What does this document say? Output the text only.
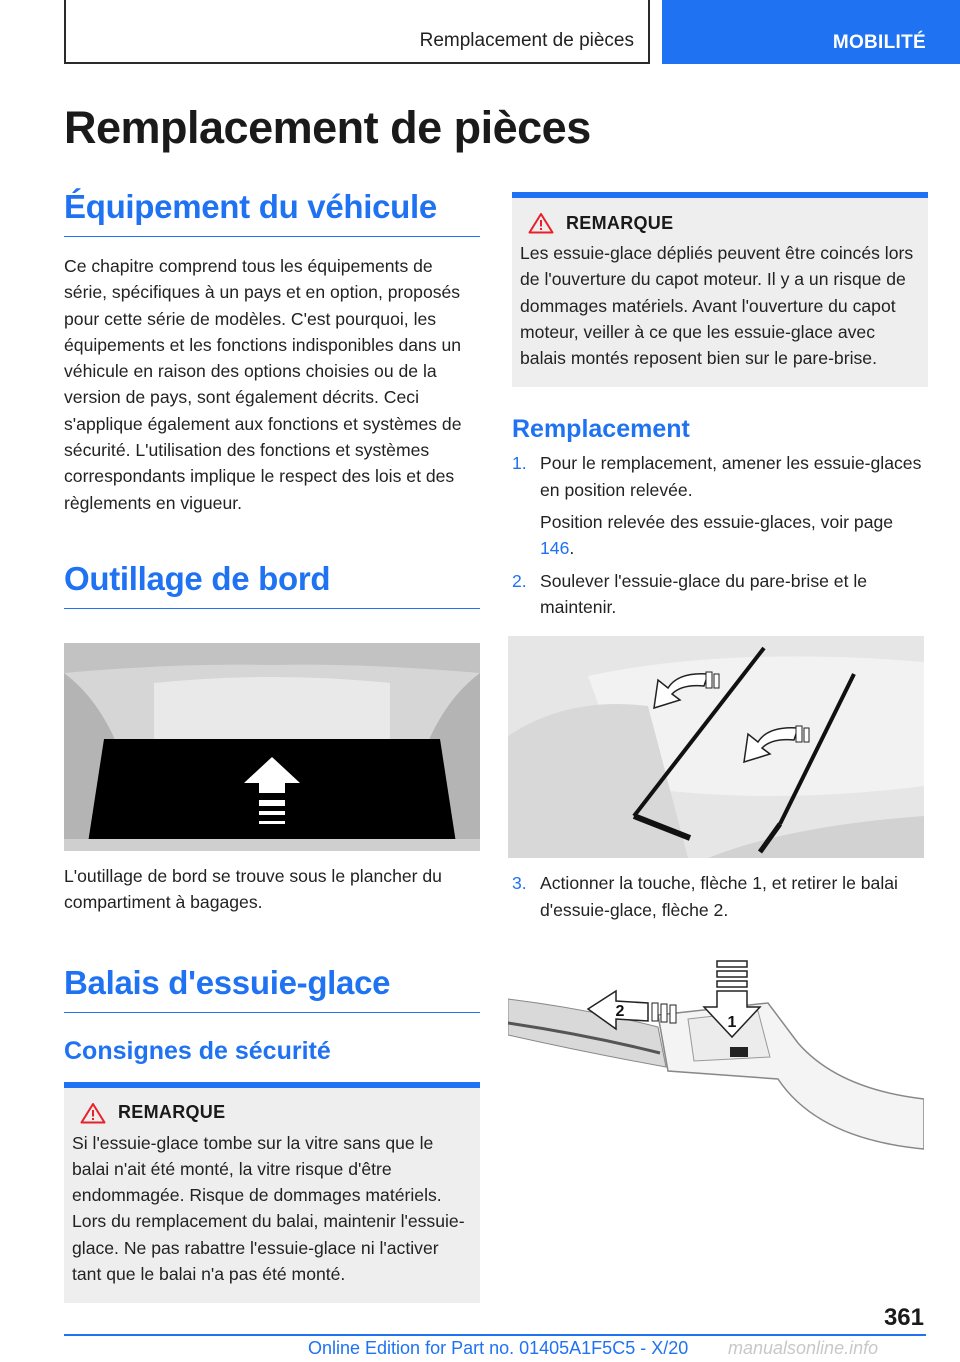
Remplacement de pièces	MOBILITÉ
Remplacement de pièces
Équipement du véhicule

Ce chapitre comprend tous les équipements de série, spécifiques à un pays et en option, proposés pour cette série de modèles. C'est pourquoi, les équipements et les fonctions indisponibles dans un véhicule en raison des options choisies ou de la version de pays, sont également décrits. Ceci s'applique également aux fonctions et systèmes de sécurité. L'utilisation des fonctions et systèmes correspondants implique le respect des lois et des règlements en vigueur.

Outillage de bord

L'outillage de bord se trouve sous le plancher du compartiment à bagages.

Balais d'essuie-glace
Consignes de sécurité
REMARQUE

Si l'essuie-glace tombe sur la vitre sans que le balai n'ait été monté, la vitre risque d'être endommagée. Risque de dommages matériels. Lors du remplacement du balai, maintenir l'essuie-glace. Ne pas rabattre l'essuie-glace ni l'activer tant que le balai n'a pas été monté.

REMARQUE

Les essuie-glace dépliés peuvent être coincés lors de l'ouverture du capot moteur. Il y a un risque de dommages matériels. Avant l'ouverture du capot moteur, veiller à ce que les essuie-glace avec balais montés reposent bien sur le pare-brise.

Remplacement
1. Pour le remplacement, amener les essuie-glaces en position relevée.

Position relevée des essuie-glaces, voir page 146.

2. Soulever l'essuie-glace du pare-brise et le maintenir.

3. Actionner la touche, flèche 1, et retirer le balai d'essuie-glace, flèche 2.

1
2
361
Online Edition for Part no. 01405A1F5C5 - X/20 manualsonline.info
